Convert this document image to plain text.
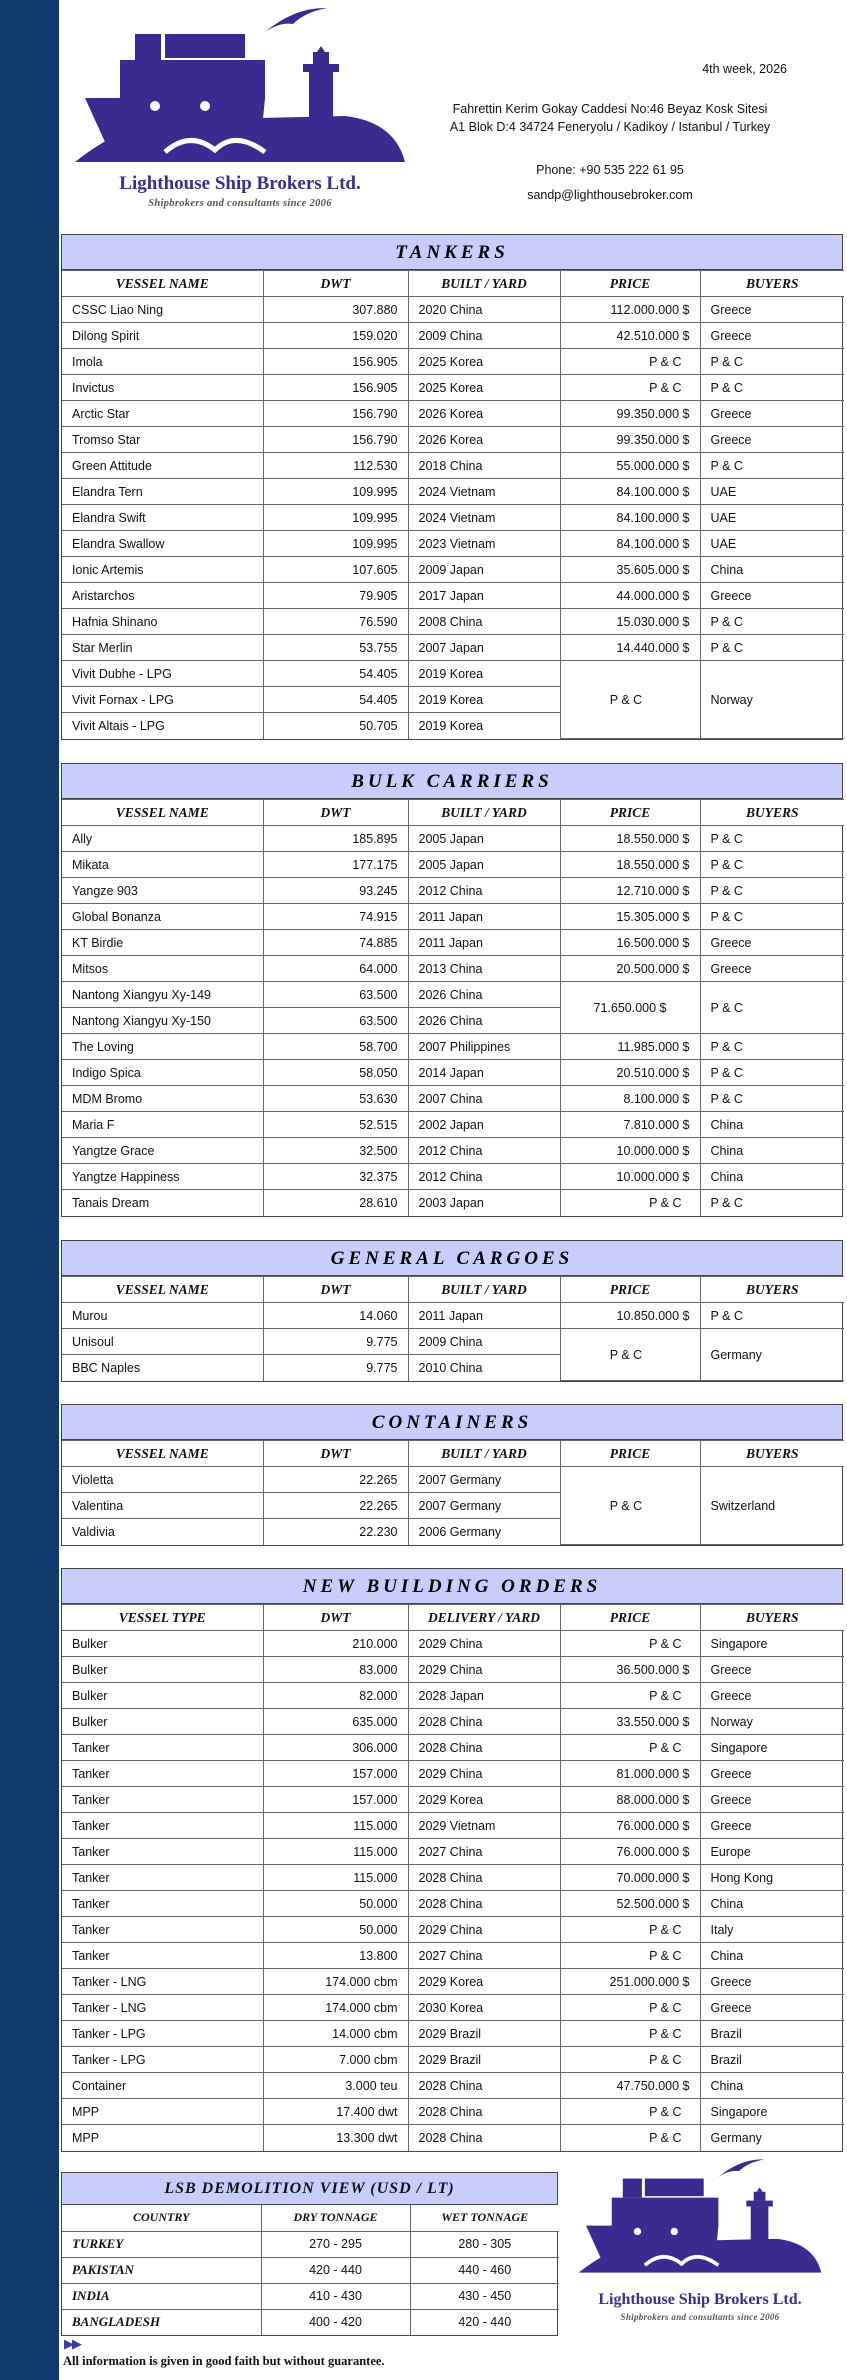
Lighthouse Ship Brokers Ltd.
Shipbrokers and consultants since 2006
4th week, 2026
Fahrettin Kerim Gokay Caddesi No:46 Beyaz Kosk Sitesi
A1 Blok D:4 34724 Feneryolu / Kadikoy / Istanbul / Turkey
Phone: +90 535 222 61 95
sandp@lighthousebroker.com
TANKERS
VESSEL NAME	DWT	BUILT / YARD	PRICE	BUYERS
CSSC Liao Ning	307.880	2020 China	112.000.000 $	Greece
Dilong Spirit	159.020	2009 China	42.510.000 $	Greece
Imola	156.905	2025 Korea	P & C	P & C
Invictus	156.905	2025 Korea	P & C	P & C
Arctic Star	156.790	2026 Korea	99.350.000 $	Greece
Tromso Star	156.790	2026 Korea	99.350.000 $	Greece
Green Attitude	112.530	2018 China	55.000.000 $	P & C
Elandra Tern	109.995	2024 Vietnam	84.100.000 $	UAE
Elandra Swift	109.995	2024 Vietnam	84.100.000 $	UAE
Elandra Swallow	109.995	2023 Vietnam	84.100.000 $	UAE
Ionic Artemis	107.605	2009 Japan	35.605.000 $	China
Aristarchos	79.905	2017 Japan	44.000.000 $	Greece
Hafnia Shinano	76.590	2008 China	15.030.000 $	P & C
Star Merlin	53.755	2007 Japan	14.440.000 $	P & C
Vivit Dubhe - LPG	54.405	2019 Korea	P & C	Norway
Vivit Fornax - LPG	54.405	2019 Korea		
Vivit Altais - LPG	50.705	2019 Korea		
BULK CARRIERS
VESSEL NAME	DWT	BUILT / YARD	PRICE	BUYERS
Ally	185.895	2005 Japan	18.550.000 $	P & C
Mikata	177.175	2005 Japan	18.550.000 $	P & C
Yangze 903	93.245	2012 China	12.710.000 $	P & C
Global Bonanza	74.915	2011 Japan	15.305.000 $	P & C
KT Birdie	74.885	2011 Japan	16.500.000 $	Greece
Mitsos	64.000	2013 China	20.500.000 $	Greece
Nantong Xiangyu Xy-149	63.500	2026 China	71.650.000 $	P & C
Nantong Xiangyu Xy-150	63.500	2026 China		
The Loving	58.700	2007 Philippines	11.985.000 $	P & C
Indigo Spica	58.050	2014 Japan	20.510.000 $	P & C
MDM Bromo	53.630	2007 China	8.100.000 $	P & C
Maria F	52.515	2002 Japan	7.810.000 $	China
Yangtze Grace	32.500	2012 China	10.000.000 $	China
Yangtze Happiness	32.375	2012 China	10.000.000 $	China
Tanais Dream	28.610	2003 Japan	P & C	P & C
GENERAL CARGOES
VESSEL NAME	DWT	BUILT / YARD	PRICE	BUYERS
Murou	14.060	2011 Japan	10.850.000 $	P & C
Unisoul	9.775	2009 China	P & C	Germany
BBC Naples	9.775	2010 China		
CONTAINERS
VESSEL NAME	DWT	BUILT / YARD	PRICE	BUYERS
Violetta	22.265	2007 Germany	P & C	Switzerland
Valentina	22.265	2007 Germany		
Valdivia	22.230	2006 Germany		
NEW BUILDING ORDERS
VESSEL TYPE	DWT	DELIVERY / YARD	PRICE	BUYERS
Bulker	210.000	2029 China	P & C	Singapore
Bulker	83.000	2029 China	36.500.000 $	Greece
Bulker	82.000	2028 Japan	P & C	Greece
Bulker	635.000	2028 China	33.550.000 $	Norway
Tanker	306.000	2028 China	P & C	Singapore
Tanker	157.000	2029 China	81.000.000 $	Greece
Tanker	157.000	2029 Korea	88.000.000 $	Greece
Tanker	115.000	2029 Vietnam	76.000.000 $	Greece
Tanker	115.000	2027 China	76.000.000 $	Europe
Tanker	115.000	2028 China	70.000.000 $	Hong Kong
Tanker	50.000	2028 China	52.500.000 $	China
Tanker	50.000	2029 China	P & C	Italy
Tanker	13.800	2027 China	P & C	China
Tanker - LNG	174.000 cbm	2029 Korea	251.000.000 $	Greece
Tanker - LNG	174.000 cbm	2030 Korea	P & C	Greece
Tanker - LPG	14.000 cbm	2029 Brazil	P & C	Brazil
Tanker - LPG	7.000 cbm	2029 Brazil	P & C	Brazil
Container	3.000 teu	2028 China	47.750.000 $	China
MPP	17.400 dwt	2028 China	P & C	Singapore
MPP	13.300 dwt	2028 China	P & C	Germany
LSB DEMOLITION VIEW (USD / LT)
COUNTRY	DRY TONNAGE	WET TONNAGE
TURKEY	270 - 295	280 - 305
PAKISTAN	420 - 440	440 - 460
INDIA	410 - 430	430 - 450
BANGLADESH	400 - 420	420 - 440
Lighthouse Ship Brokers Ltd.
Shipbrokers and consultants since 2006
▶▶
All information is given in good faith but without guarantee.
